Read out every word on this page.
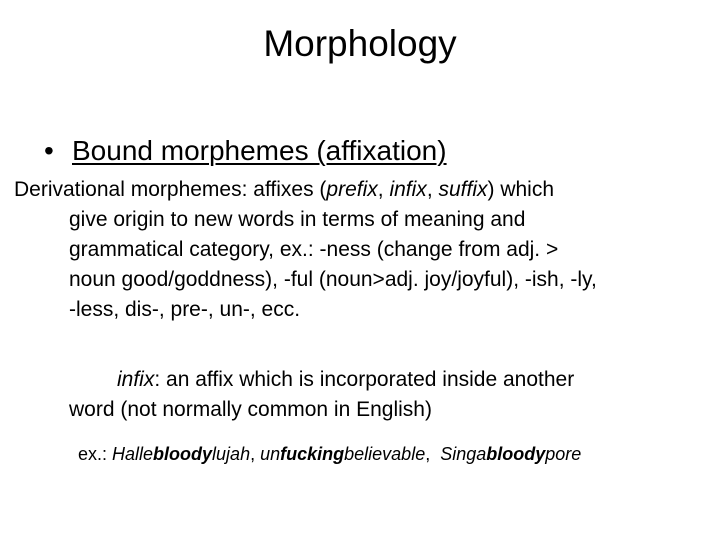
Morphology
• Bound morphemes (affixation)
Derivational morphemes: affixes (prefix, infix, suffix) which
give origin to new words in terms of meaning and
grammatical category, ex.: -ness (change from adj. >
noun good/goddness), -ful (noun>adj. joy/joyful), -ish, -ly,
-less, dis-, pre-, un-, ecc.
infix: an affix which is incorporated inside another
word (not normally common in English)
ex.: Hallebloodylujah, unfuckingbelievable,  Singabloodypore
